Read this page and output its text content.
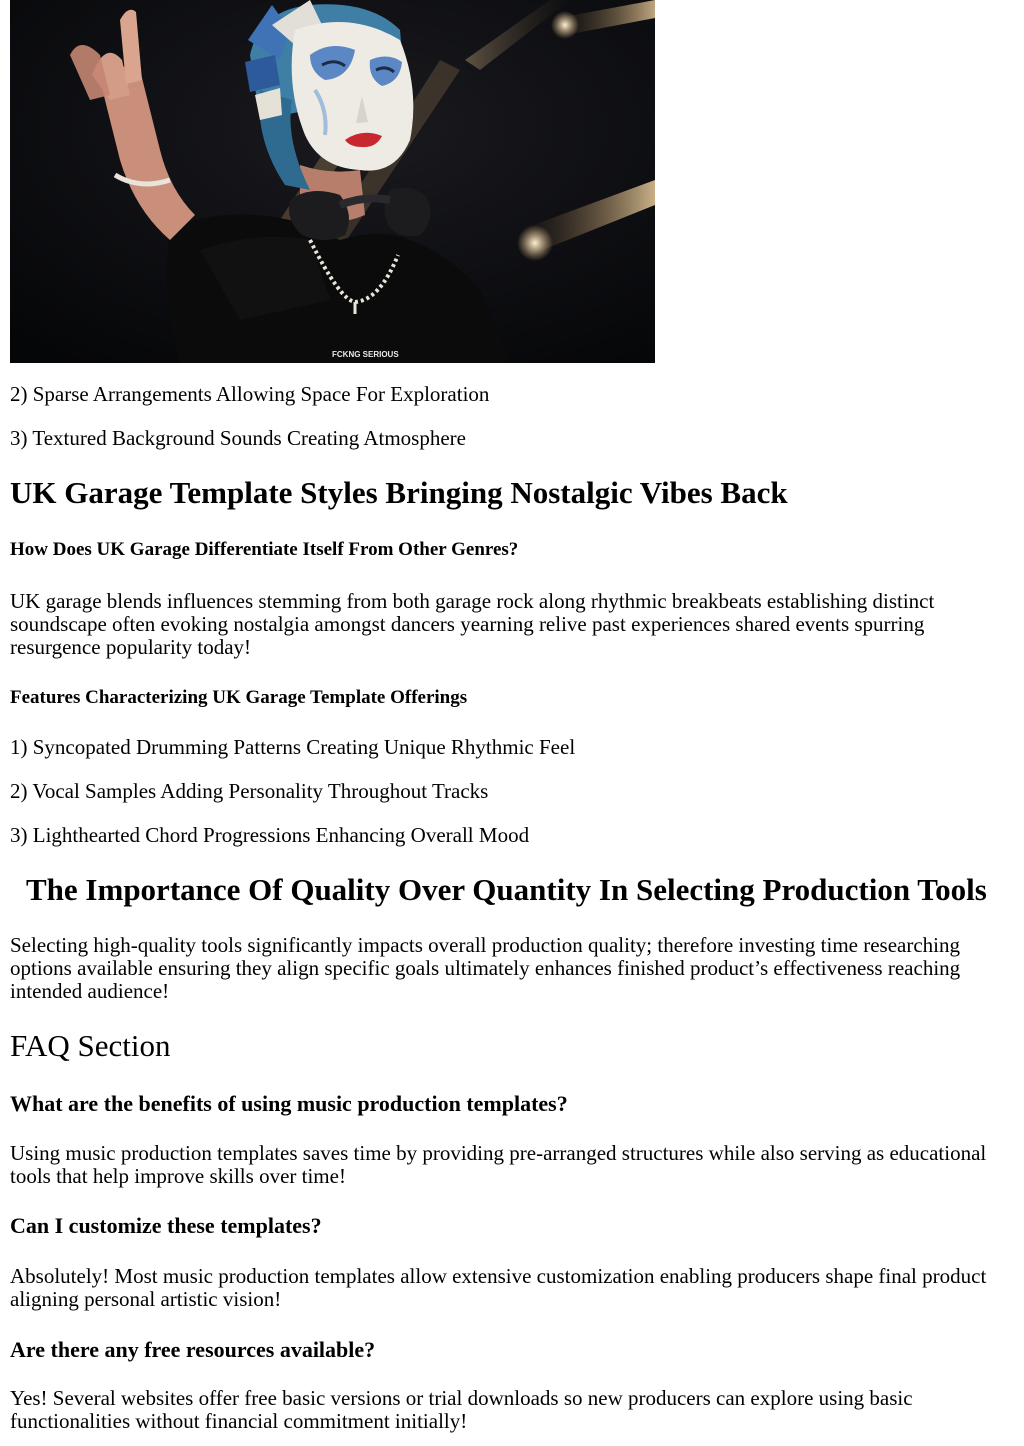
FCKNG SERIOUS

2) Sparse Arrangements Allowing Space For Exploration

3) Textured Background Sounds Creating Atmosphere

UK Garage Template Styles Bringing Nostalgic Vibes Back
How Does UK Garage Differentiate Itself From Other Genres?

UK garage blends influences stemming from both garage rock along rhythmic breakbeats establishing distinct soundscape often evoking nostalgia amongst dancers yearning relive past experiences shared events spurring resurgence popularity today!

Features Characterizing UK Garage Template Offerings

1) Syncopated Drumming Patterns Creating Unique Rhythmic Feel

2) Vocal Samples Adding Personality Throughout Tracks

3) Lighthearted Chord Progressions Enhancing Overall Mood

The Importance Of Quality Over Quantity In Selecting Production Tools

Selecting high-quality tools significantly impacts overall production quality; therefore investing time researching options available ensuring they align specific goals ultimately enhances finished product’s effectiveness reaching intended audience!

FAQ Section
What are the benefits of using music production templates?

Using music production templates saves time by providing pre-arranged structures while also serving as educational tools that help improve skills over time!

Can I customize these templates?

Absolutely! Most music production templates allow extensive customization enabling producers shape final product aligning personal artistic vision!

Are there any free resources available?

Yes! Several websites offer free basic versions or trial downloads so new producers can explore using basic functionalities without financial commitment initially!
